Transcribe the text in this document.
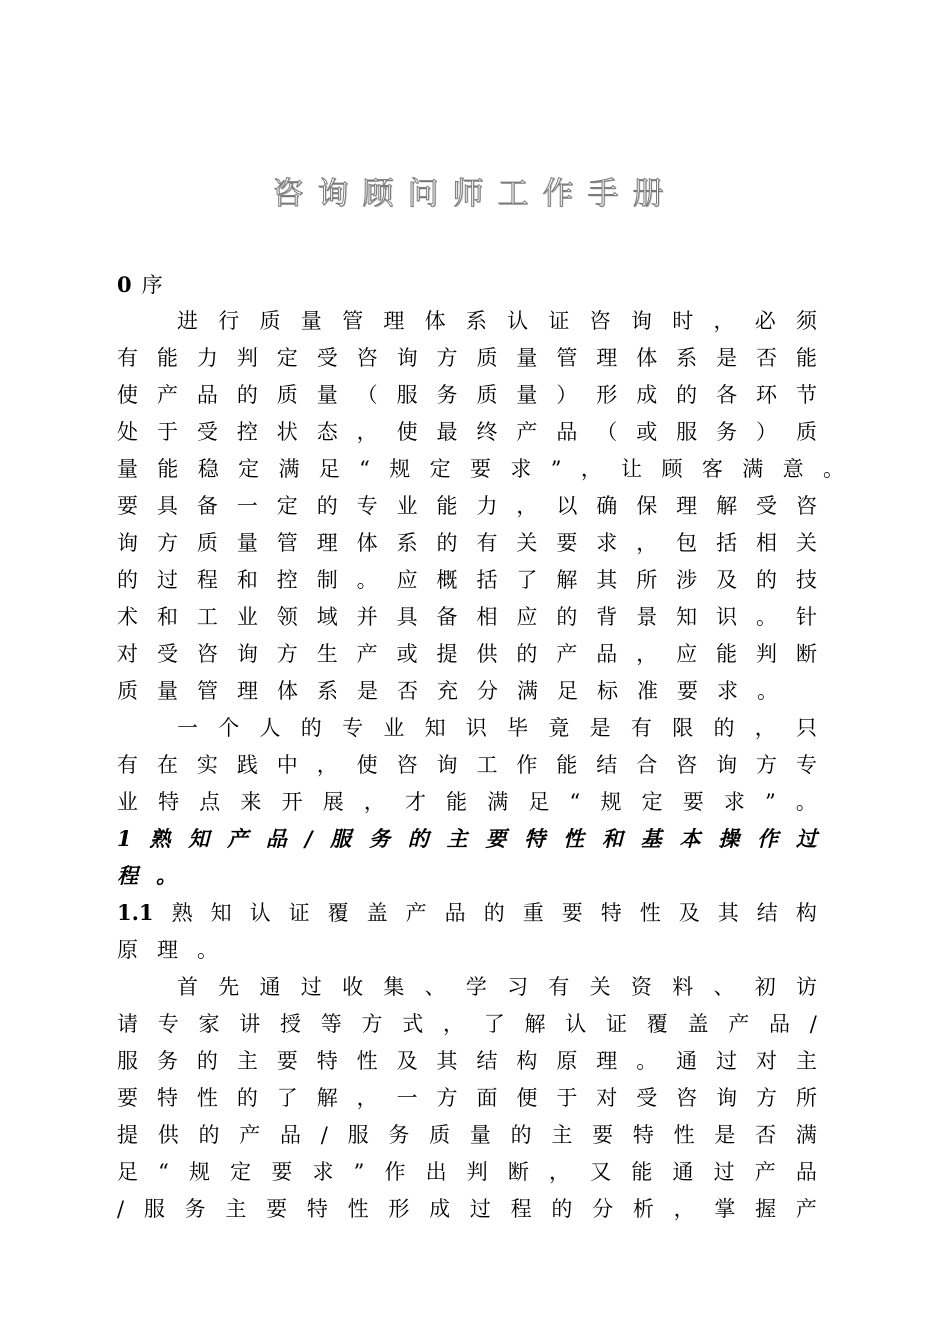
咨询顾问师工作手册
0 序
进 行 质 量 管 理 体 系 认 证 咨 询 时 ， 必 须
有 能 力 判 定 受 咨 询 方 质 量 管 理 体 系 是 否 能
使 产 品 的 质 量 （ 服 务 质 量 ） 形 成 的 各 环 节
处 于 受 控 状 态 ， 使 最 终 产 品 （ 或 服 务 ） 质
量 能 稳 定 满 足 “ 规 定 要 求 ” ， 让 顾 客 满 意 。
要 具 备 一 定 的 专 业 能 力 ， 以 确 保 理 解 受 咨
询 方 质 量 管 理 体 系 的 有 关 要 求 ， 包 括 相 关
的 过 程 和 控 制 。 应 概 括 了 解 其 所 涉 及 的 技
术 和 工 业 领 域 并 具 备 相 应 的 背 景 知 识 。 针
对 受 咨 询 方 生 产 或 提 供 的 产 品 ， 应 能 判 断
质 量 管 理 体 系 是 否 充 分 满 足 标 准 要 求 。
一 个 人 的 专 业 知 识 毕 竟 是 有 限 的 ， 只
有 在 实 践 中 ， 使 咨 询 工 作 能 结 合 咨 询 方 专
业 特 点 来 开 展 ， 才 能 满 足 “ 规 定 要 求 ” 。
1 熟 知 产 品 / 服 务 的 主 要 特 性 和 基 本 操 作 过
程 。
1.1 熟 知 认 证 覆 盖 产 品 的 重 要 特 性 及 其 结 构
原 理 。
首 先 通 过 收 集 、 学 习 有 关 资 料 、 初 访
请 专 家 讲 授 等 方 式 ， 了 解 认 证 覆 盖 产 品 /
服 务 的 主 要 特 性 及 其 结 构 原 理 。 通 过 对 主
要 特 性 的 了 解 ， 一 方 面 便 于 对 受 咨 询 方 所
提 供 的 产 品 / 服 务 质 量 的 主 要 特 性 是 否 满
足 “ 规 定 要 求 ” 作 出 判 断 ， 又 能 通 过 产 品
/ 服 务 主 要 特 性 形 成 过 程 的 分 析 ， 掌 握 产
